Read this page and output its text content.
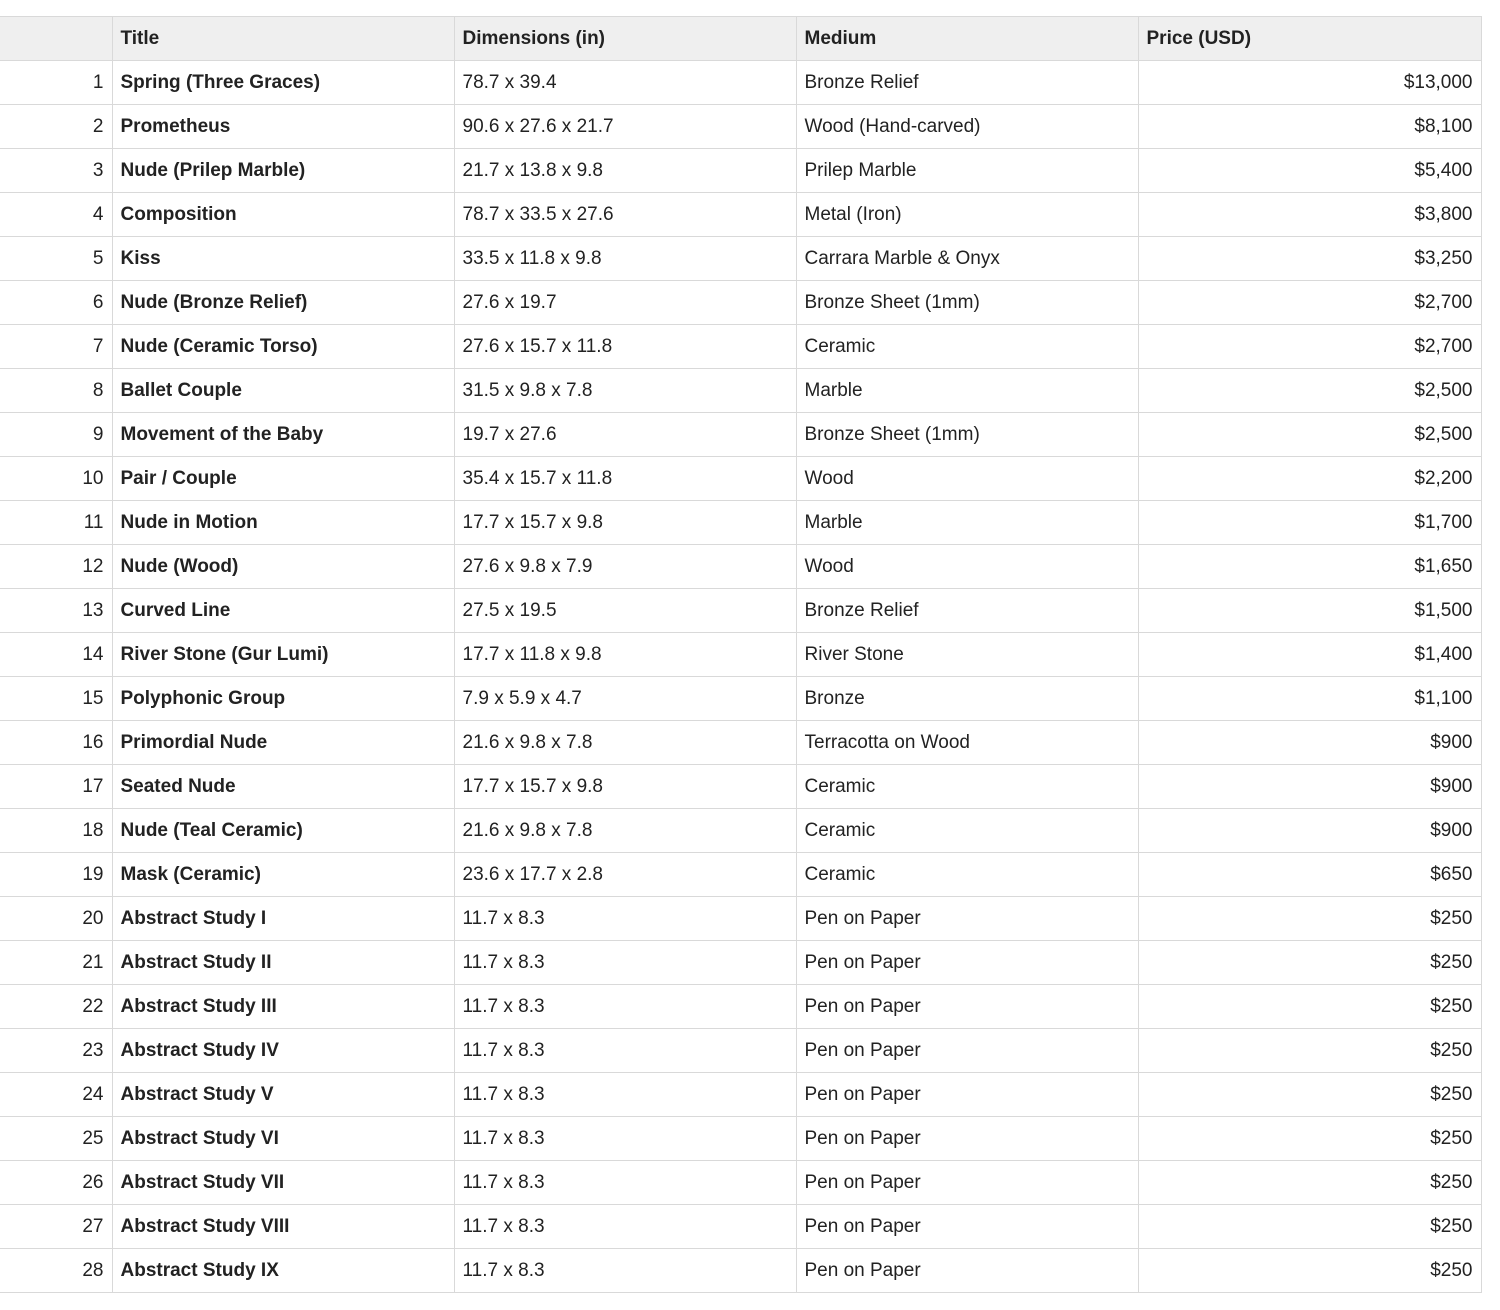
	Title	Dimensions (in)	Medium	Price (USD)
1	Spring (Three Graces)	78.7 x 39.4	Bronze Relief	$13,000
2	Prometheus	90.6 x 27.6 x 21.7	Wood (Hand-carved)	$8,100
3	Nude (Prilep Marble)	21.7 x 13.8 x 9.8	Prilep Marble	$5,400
4	Composition	78.7 x 33.5 x 27.6	Metal (Iron)	$3,800
5	Kiss	33.5 x 11.8 x 9.8	Carrara Marble & Onyx	$3,250
6	Nude (Bronze Relief)	27.6 x 19.7	Bronze Sheet (1mm)	$2,700
7	Nude (Ceramic Torso)	27.6 x 15.7 x 11.8	Ceramic	$2,700
8	Ballet Couple	31.5 x 9.8 x 7.8	Marble	$2,500
9	Movement of the Baby	19.7 x 27.6	Bronze Sheet (1mm)	$2,500
10	Pair / Couple	35.4 x 15.7 x 11.8	Wood	$2,200
11	Nude in Motion	17.7 x 15.7 x 9.8	Marble	$1,700
12	Nude (Wood)	27.6 x 9.8 x 7.9	Wood	$1,650
13	Curved Line	27.5 x 19.5	Bronze Relief	$1,500
14	River Stone (Gur Lumi)	17.7 x 11.8 x 9.8	River Stone	$1,400
15	Polyphonic Group	7.9 x 5.9 x 4.7	Bronze	$1,100
16	Primordial Nude	21.6 x 9.8 x 7.8	Terracotta on Wood	$900
17	Seated Nude	17.7 x 15.7 x 9.8	Ceramic	$900
18	Nude (Teal Ceramic)	21.6 x 9.8 x 7.8	Ceramic	$900
19	Mask (Ceramic)	23.6 x 17.7 x 2.8	Ceramic	$650
20	Abstract Study I	11.7 x 8.3	Pen on Paper	$250
21	Abstract Study II	11.7 x 8.3	Pen on Paper	$250
22	Abstract Study III	11.7 x 8.3	Pen on Paper	$250
23	Abstract Study IV	11.7 x 8.3	Pen on Paper	$250
24	Abstract Study V	11.7 x 8.3	Pen on Paper	$250
25	Abstract Study VI	11.7 x 8.3	Pen on Paper	$250
26	Abstract Study VII	11.7 x 8.3	Pen on Paper	$250
27	Abstract Study VIII	11.7 x 8.3	Pen on Paper	$250
28	Abstract Study IX	11.7 x 8.3	Pen on Paper	$250
